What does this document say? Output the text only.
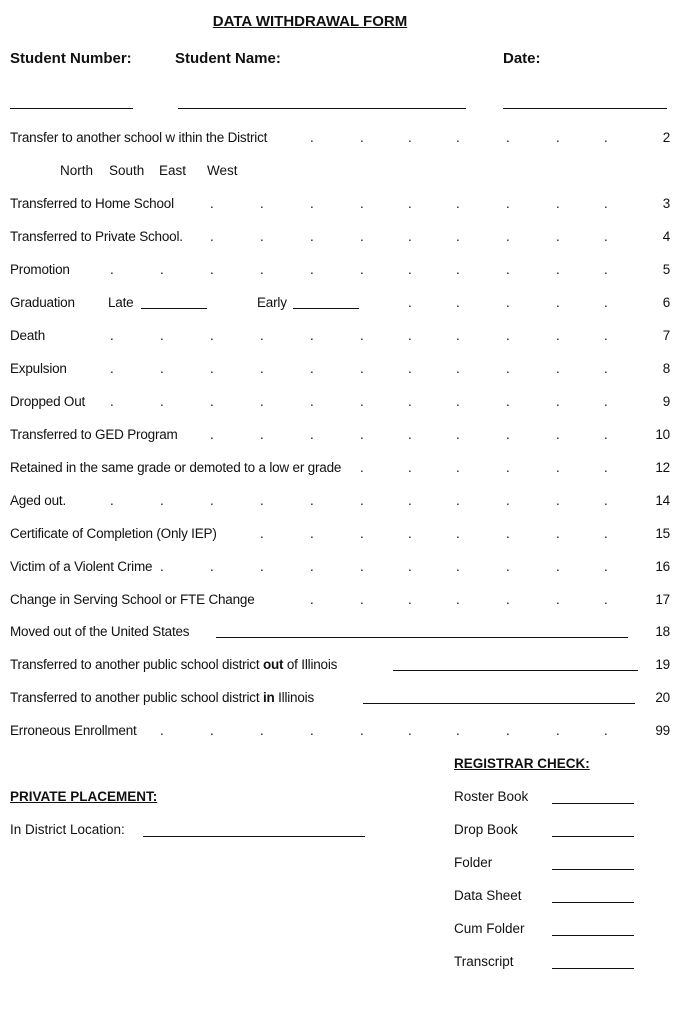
DATA WITHDRAWAL FORM
Student Number:	Student Name:	Date:
Transfer to another school w ithin the District	2
.	.	.	.	.	.	.
North South East West
Transferred to Home School	3
.	.	.	.	.	.	.	.	.
Transferred to Private School.	4
.	.	.	.	.	.	.	.	.
Promotion	5
.	.	.	.	.	.	.	.	.	.	.
Graduation Late	Early	6
.	.	.	.	.
Death	7
.	.	.	.	.	.	.	.	.	.	.
Expulsion	8
.	.	.	.	.	.	.	.	.	.	.
Dropped Out	9
.	.	.	.	.	.	.	.	.	.	.
Transferred to GED Program	10
.	.	.	.	.	.	.	.	.
Retained in the same grade or demoted to a low er grade	12
.	.	.	.	.	.
Aged out.	14
.	.	.	.	.	.	.	.	.	.	.
Certificate of Completion (Only IEP)	15
.	.	.	.	.	.	.	.
Victim of a Violent Crime	16
.	.	.	.	.	.	.	.	.	.
Change in Serving School or FTE Change	17
.	.	.	.	.	.	.
Moved out of the United States	18
Transferred to another public school district out of Illinois	19
Transferred to another public school district in Illinois	20
Erroneous Enrollment	99
.	.	.	.	.	.	.	.	.	.
REGISTRAR CHECK:
Roster Book
Drop Book
Folder
Data Sheet
Cum Folder
Transcript
PRIVATE PLACEMENT:
In District Location:
